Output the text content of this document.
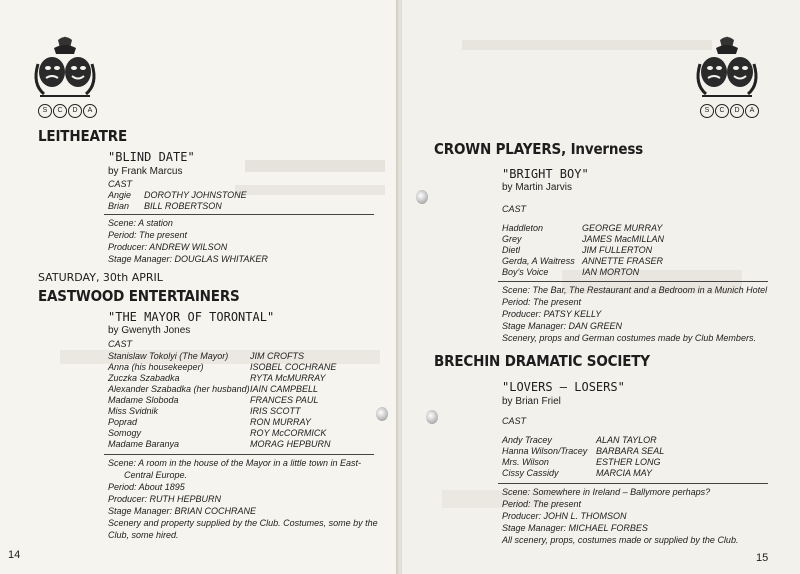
S	C	D	A
LEITHEATRE
"BLIND DATE"
by Frank Marcus
CAST
Angie DOROTHY JOHNSTONE
Brian BILL ROBERTSON
Scene: A station
Period: The present
Producer: ANDREW WILSON
Stage Manager: DOUGLAS WHITAKER
SATURDAY, 30th APRIL
EASTWOOD ENTERTAINERS
"THE MAYOR OF TORONTAL"
by Gwenyth Jones
CAST
Stanislaw Tokolyi (The Mayor) JIM CROFTS
Anna (his housekeeper)	ISOBEL COCHRANE
Zuczka Szabadka	RYTA McMURRAY
Alexander Szabadka (her husband) IAIN CAMPBELL
Madame Sloboda	FRANCES PAUL
Miss Svidnik	IRIS SCOTT
Poprad	RON MURRAY
Somogy	ROY McCORMICK
Madame Baranya	MORAG HEPBURN
Scene: A room in the house of the Mayor in a little town in East-
Central Europe.
Period: About 1895
Producer: RUTH HEPBURN
Stage Manager: BRIAN COCHRANE
Scenery and property supplied by the Club. Costumes, some by the
Club, some hired.
14
S	C	D	A
CROWN PLAYERS, Inverness
"BRIGHT BOY"
by Martin Jarvis
CAST
Haddleton	GEORGE MURRAY
Grey	JAMES MacMILLAN
Dietl	JIM FULLERTON
Gerda, A Waitress ANNETTE FRASER
Boy's Voice	IAN MORTON
Scene: The Bar, The Restaurant and a Bedroom in a Munich Hotel
Period: The present
Producer: PATSY KELLY
Stage Manager: DAN GREEN
Scenery, props and German costumes made by Club Members.
BRECHIN DRAMATIC SOCIETY
"LOVERS – LOSERS"
by Brian Friel
CAST
Andy Tracey	ALAN TAYLOR
Hanna Wilson/Tracey BARBARA SEAL
Mrs. Wilson	ESTHER LONG
Cissy Cassidy	MARCIA MAY
Scene: Somewhere in Ireland – Ballymore perhaps?
Period: The present
Producer: JOHN L. THOMSON
Stage Manager: MICHAEL FORBES
All scenery, props, costumes made or supplied by the Club.
15
